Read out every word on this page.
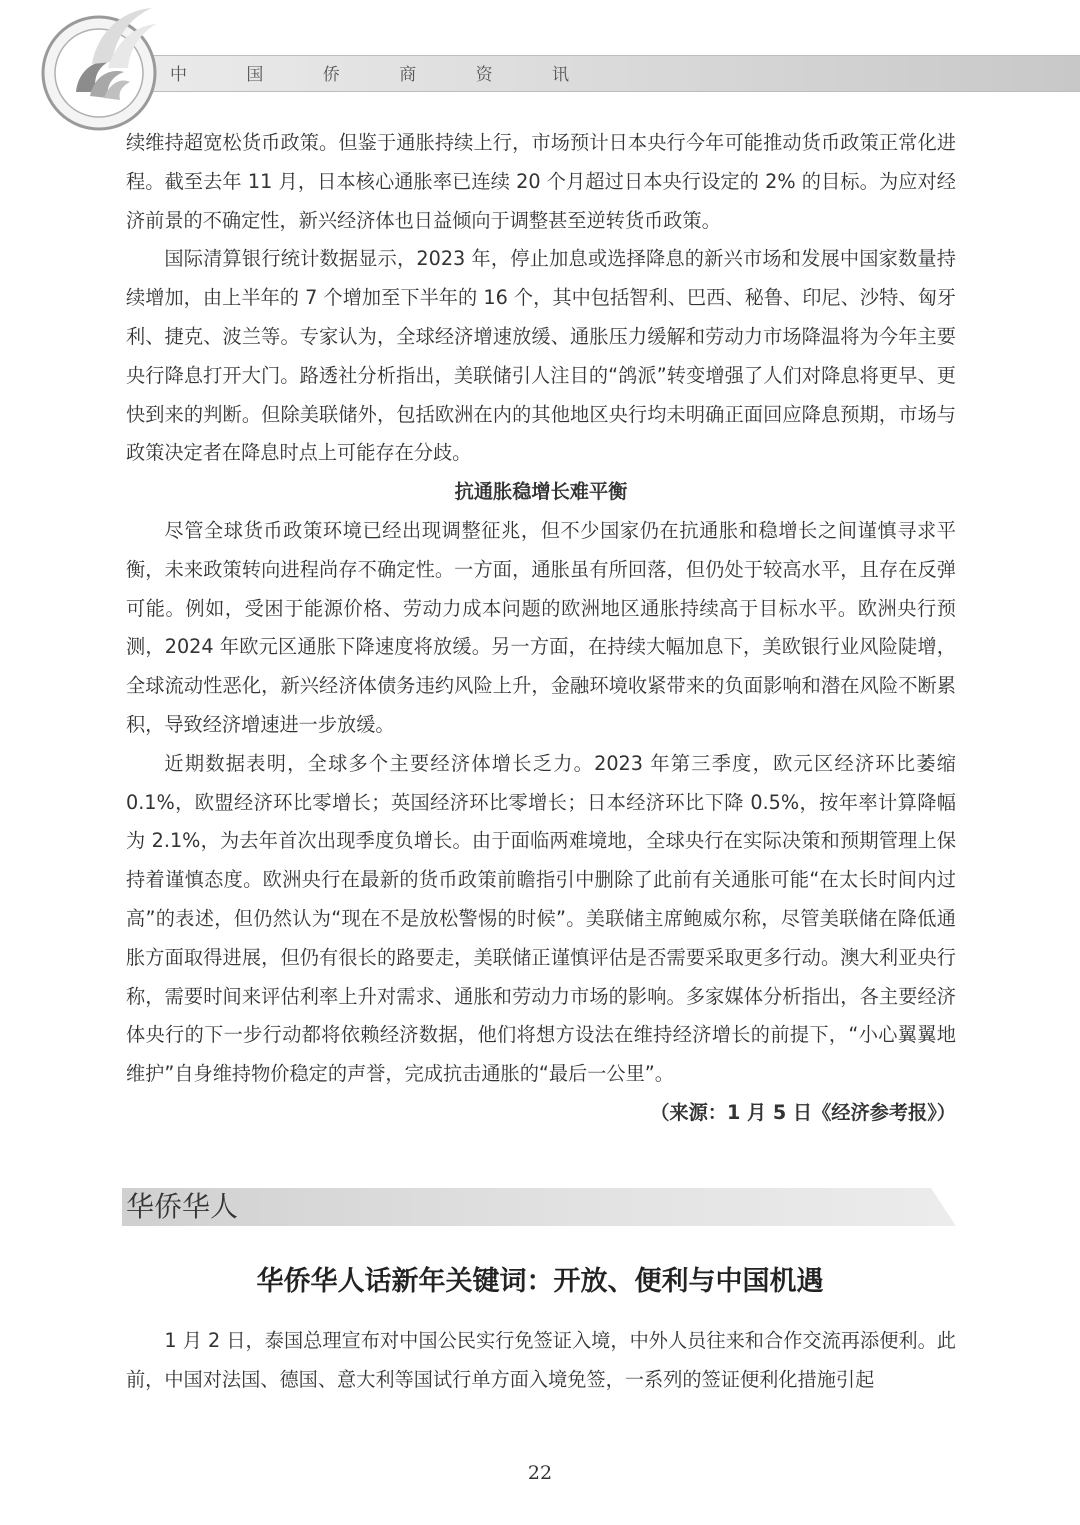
中 国 侨 商 资 讯

续维持超宽松货币政策。但鉴于通胀持续上行，市场预计日本央行今年可能推动货币政策正常化进程。截至去年 11 月，日本核心通胀率已连续 20 个月超过日本央行设定的 2% 的目标。为应对经济前景的不确定性，新兴经济体也日益倾向于调整甚至逆转货币政策。

国际清算银行统计数据显示，2023 年，停止加息或选择降息的新兴市场和发展中国家数量持续增加，由上半年的 7 个增加至下半年的 16 个，其中包括智利、巴西、秘鲁、印尼、沙特、匈牙利、捷克、波兰等。专家认为，全球经济增速放缓、通胀压力缓解和劳动力市场降温将为今年主要央行降息打开大门。路透社分析指出，美联储引人注目的“鸽派”转变增强了人们对降息将更早、更快到来的判断。但除美联储外，包括欧洲在内的其他地区央行均未明确正面回应降息预期，市场与政策决定者在降息时点上可能存在分歧。

抗通胀稳增长难平衡

尽管全球货币政策环境已经出现调整征兆，但不少国家仍在抗通胀和稳增长之间谨慎寻求平衡，未来政策转向进程尚存不确定性。一方面，通胀虽有所回落，但仍处于较高水平，且存在反弹可能。例如，受困于能源价格、劳动力成本问题的欧洲地区通胀持续高于目标水平。欧洲央行预测，2024 年欧元区通胀下降速度将放缓。另一方面，在持续大幅加息下，美欧银行业风险陡增，全球流动性恶化，新兴经济体债务违约风险上升，金融环境收紧带来的负面影响和潜在风险不断累积，导致经济增速进一步放缓。

近期数据表明，全球多个主要经济体增长乏力。2023 年第三季度，欧元区经济环比萎缩 0.1%，欧盟经济环比零增长；英国经济环比零增长；日本经济环比下降 0.5%，按年率计算降幅为 2.1%，为去年首次出现季度负增长。由于面临两难境地，全球央行在实际决策和预期管理上保持着谨慎态度。欧洲央行在最新的货币政策前瞻指引中删除了此前有关通胀可能“在太长时间内过高”的表述，但仍然认为“现在不是放松警惕的时候”。美联储主席鲍威尔称，尽管美联储在降低通胀方面取得进展，但仍有很长的路要走，美联储正谨慎评估是否需要采取更多行动。澳大利亚央行称，需要时间来评估利率上升对需求、通胀和劳动力市场的影响。多家媒体分析指出，各主要经济体央行的下一步行动都将依赖经济数据，他们将想方设法在维持经济增长的前提下，“小心翼翼地维护”自身维持物价稳定的声誉，完成抗击通胀的“最后一公里”。
（来源：1 月 5 日《经济参考报》）

华侨华人
华侨华人话新年关键词：开放、便利与中国机遇

1 月 2 日，泰国总理宣布对中国公民实行免签证入境，中外人员往来和合作交流再添便利。此前，中国对法国、德国、意大利等国试行单方面入境免签，一系列的签证便利化措施引起

22
